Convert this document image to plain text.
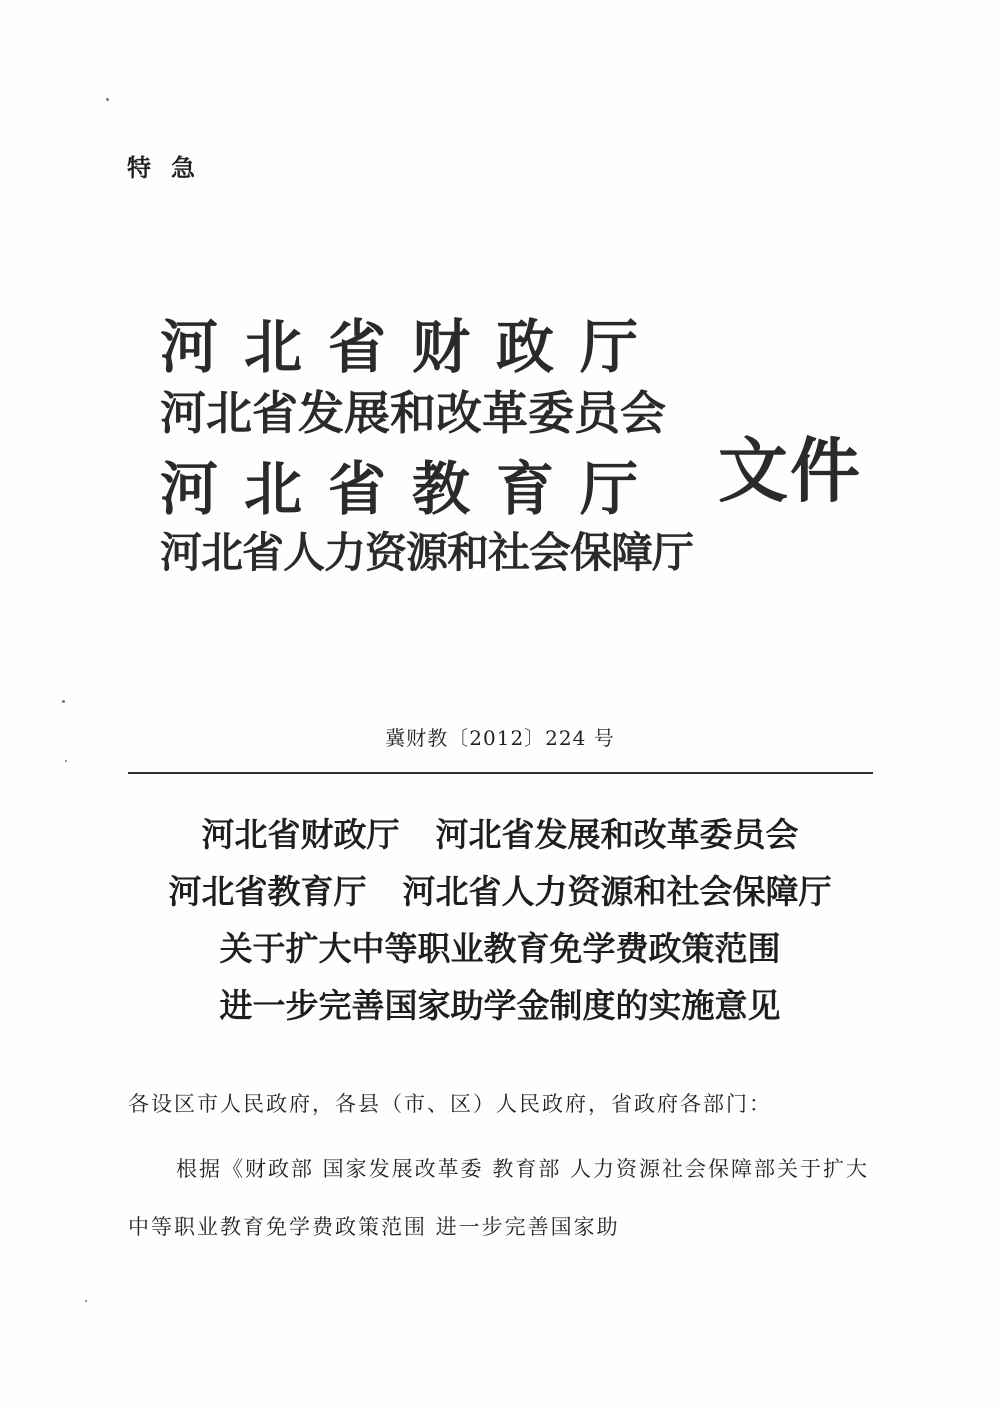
特急
河北省财政厅
河北省发展和改革委员会
河北省教育厅
河北省人力资源和社会保障厅
文件
冀财教〔2012〕224 号
河北省财政厅 河北省发展和改革委员会
河北省教育厅 河北省人力资源和社会保障厅
关于扩大中等职业教育免学费政策范围
进一步完善国家助学金制度的实施意见
各设区市人民政府，各县（市、区）人民政府，省政府各部门：
根据《财政部 国家发展改革委 教育部 人力资源社会保障部关于扩大中等职业教育免学费政策范围 进一步完善国家助
